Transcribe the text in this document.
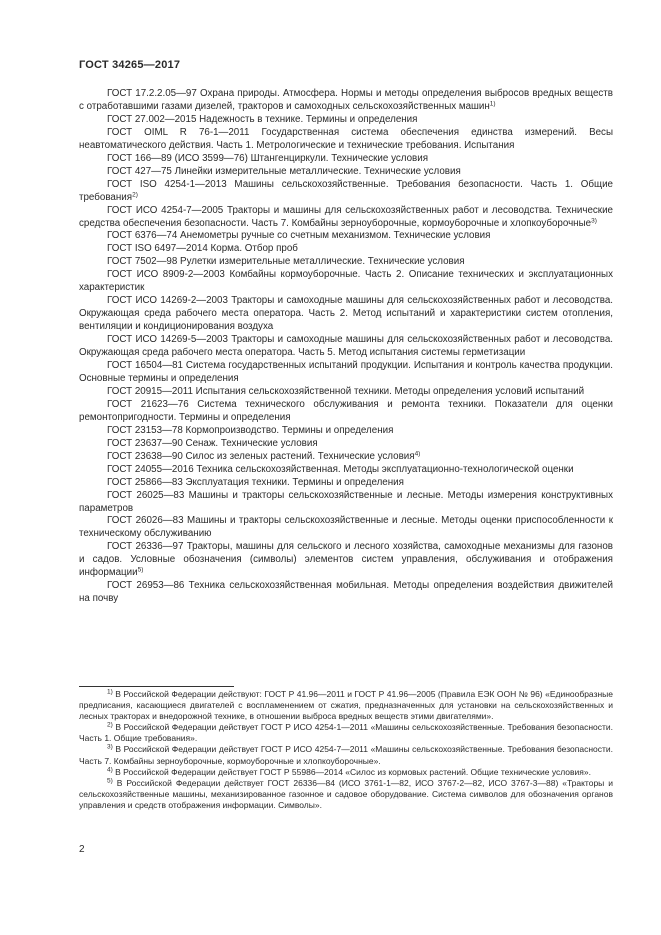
ГОСТ 34265—2017

ГОСТ 17.2.2.05—97 Охрана природы. Атмосфера. Нормы и методы определения выбросов вредных веществ с отработавшими газами дизелей, тракторов и самоходных сельскохозяйственных машин$^{1)}$

ГОСТ 27.002—2015 Надежность в технике. Термины и определения

ГОСТ OIML R 76-1—2011 Государственная система обеспечения единства измерений. Весы неавтоматического действия. Часть 1. Метрологические и технические требования. Испытания

ГОСТ 166—89 (ИСО 3599—76) Штангенциркули. Технические условия

ГОСТ 427—75 Линейки измерительные металлические. Технические условия

ГОСТ ISO 4254-1—2013 Машины сельскохозяйственные. Требования безопасности. Часть 1. Общие требования$^{2)}$

ГОСТ ИСО 4254-7—2005 Тракторы и машины для сельскохозяйственных работ и лесоводства. Технические средства обеспечения безопасности. Часть 7. Комбайны зерноуборочные, кормоуборочные и хлопкоуборочные$^{3)}$

ГОСТ 6376—74 Анемометры ручные со счетным механизмом. Технические условия

ГОСТ ISO 6497—2014 Корма. Отбор проб

ГОСТ 7502—98 Рулетки измерительные металлические. Технические условия

ГОСТ ИСО 8909-2—2003 Комбайны кормоуборочные. Часть 2. Описание технических и эксплуатационных характеристик

ГОСТ ИСО 14269-2—2003 Тракторы и самоходные машины для сельскохозяйственных работ и лесоводства. Окружающая среда рабочего места оператора. Часть 2. Метод испытаний и характеристики систем отопления, вентиляции и кондиционирования воздуха

ГОСТ ИСО 14269-5—2003 Тракторы и самоходные машины для сельскохозяйственных работ и лесоводства. Окружающая среда рабочего места оператора. Часть 5. Метод испытания системы герметизации

ГОСТ 16504—81 Система государственных испытаний продукции. Испытания и контроль качества продукции. Основные термины и определения

ГОСТ 20915—2011 Испытания сельскохозяйственной техники. Методы определения условий испытаний

ГОСТ 21623—76 Система технического обслуживания и ремонта техники. Показатели для оценки ремонтопригодности. Термины и определения

ГОСТ 23153—78 Кормопроизводство. Термины и определения

ГОСТ 23637—90 Сенаж. Технические условия

ГОСТ 23638—90 Силос из зеленых растений. Технические условия$^{4)}$

ГОСТ 24055—2016 Техника сельскохозяйственная. Методы эксплуатационно-технологической оценки

ГОСТ 25866—83 Эксплуатация техники. Термины и определения

ГОСТ 26025—83 Машины и тракторы сельскохозяйственные и лесные. Методы измерения конструктивных параметров

ГОСТ 26026—83 Машины и тракторы сельскохозяйственные и лесные. Методы оценки приспособленности к техническому обслуживанию

ГОСТ 26336—97 Тракторы, машины для сельского и лесного хозяйства, самоходные механизмы для газонов и садов. Условные обозначения (символы) элементов систем управления, обслуживания и отображения информации$^{5)}$

ГОСТ 26953—86 Техника сельскохозяйственная мобильная. Методы определения воздействия движителей на почву

$^{1)}$ В Российской Федерации действуют: ГОСТ Р 41.96—2011 и ГОСТ Р 41.96—2005 (Правила ЕЭК ООН № 96) «Единообразные предписания, касающиеся двигателей с воспламенением от сжатия, предназначенных для установки на сельскохозяйственных и лесных тракторах и внедорожной технике, в отношении выброса вредных веществ этими двигателями».

$^{2)}$ В Российской Федерации действует ГОСТ Р ИСО 4254-1—2011 «Машины сельскохозяйственные. Требования безопасности. Часть 1. Общие требования».

$^{3)}$ В Российской Федерации действует ГОСТ Р ИСО 4254-7—2011 «Машины сельскохозяйственные. Требования безопасности. Часть 7. Комбайны зерноуборочные, кормоуборочные и хлопкоуборочные».

$^{4)}$ В Российской Федерации действует ГОСТ Р 55986—2014 «Силос из кормовых растений. Общие технические условия».

$^{5)}$ В Российской Федерации действует ГОСТ 26336—84 (ИСО 3761-1—82, ИСО 3767-2—82, ИСО 3767-3—88) «Тракторы и сельскохозяйственные машины, механизированное газонное и садовое оборудование. Система символов для обозначения органов управления и средств отображения информации. Символы».

2
